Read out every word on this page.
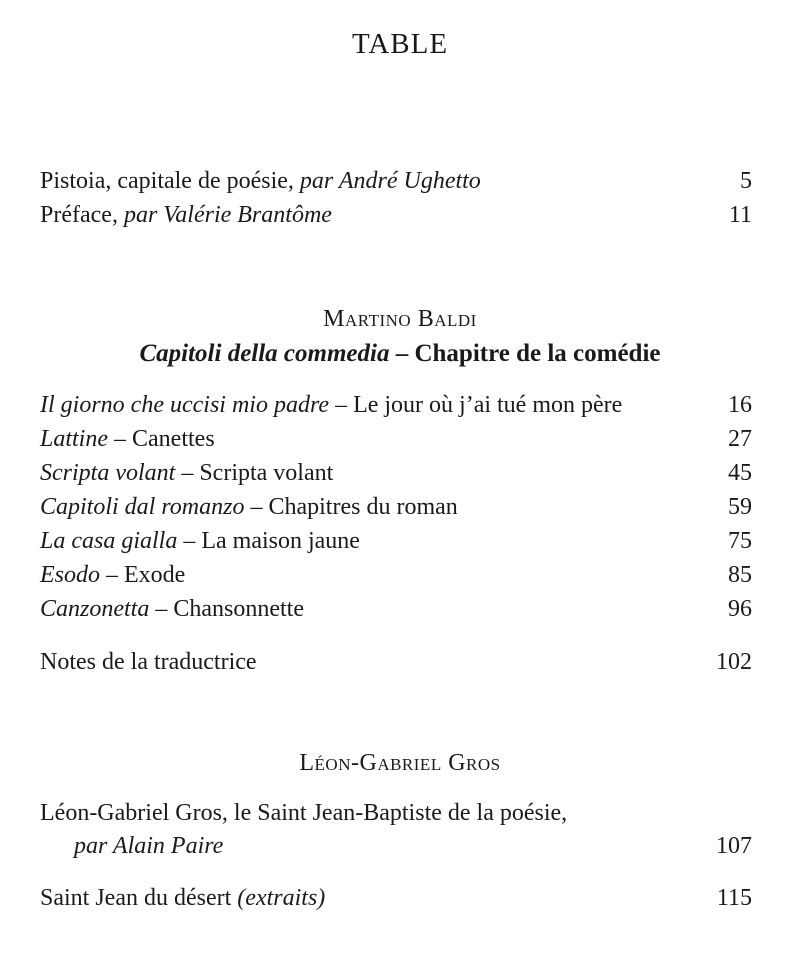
TABLE
Pistoia, capitale de poésie, par André Ughetto	5
Préface, par Valérie Brantôme	11
Martino Baldi
Capitoli della commedia – Chapitre de la comédie
Il giorno che uccisi mio padre – Le jour où j’ai tué mon père	16
Lattine – Canettes	27
Scripta volant – Scripta volant	45
Capitoli dal romanzo – Chapitres du roman	59
La casa gialla – La maison jaune	75
Esodo – Exode	85
Canzonetta – Chansonnette	96
Notes de la traductrice	102
Léon-Gabriel Gros
Léon-Gabriel Gros, le Saint Jean-Baptiste de la poésie,
par Alain Paire	107
Saint Jean du désert (extraits)	115
